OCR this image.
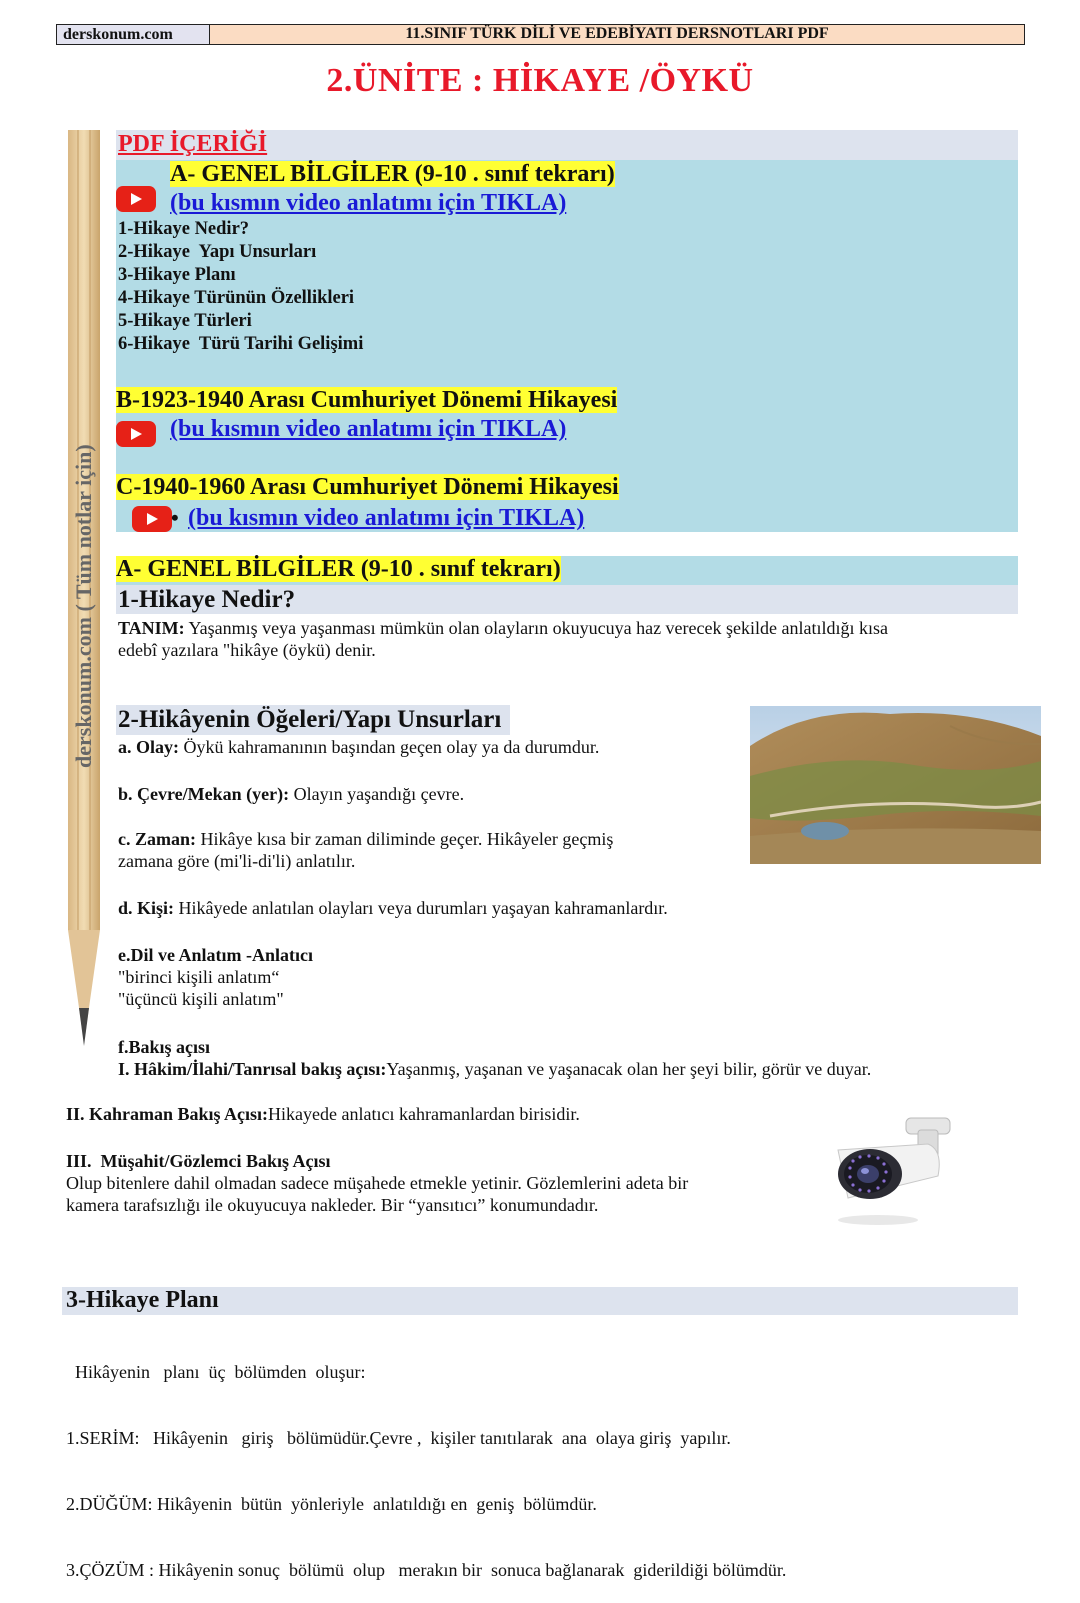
derskonum.com	11.SINIF TÜRK DİLİ VE EDEBİYATI DERSNOTLARI PDF
2.ÜNİTE : HİKAYE /ÖYKÜ
derskonum.com ( Tüm notlar için)
PDF İÇERİĞİ
A- GENEL BİLGİLER (9-10 . sınıf tekrarı)
(bu kısmın video anlatımı için TIKLA)
1-Hikaye Nedir?
2-Hikaye  Yapı Unsurları
3-Hikaye Planı
4-Hikaye Türünün Özellikleri
5-Hikaye Türleri
6-Hikaye  Türü Tarihi Gelişimi
B-1923-1940 Arası Cumhuriyet Dönemi Hikayesi
(bu kısmın video anlatımı için TIKLA)
C-1940-1960 Arası Cumhuriyet Dönemi Hikayesi
• (bu kısmın video anlatımı için TIKLA)
A- GENEL BİLGİLER (9-10 . sınıf tekrarı)
1-Hikaye Nedir?
TANIM: Yaşanmış veya yaşanması mümkün olan olayların okuyucuya haz verecek şekilde anlatıldığı kısa
edebî yazılara "hikâye (öykü) denir.
2-Hikâyenin Öğeleri/Yapı Unsurları
a. Olay: Öykü kahramanının başından geçen olay ya da durumdur.
b. Çevre/Mekan (yer): Olayın yaşandığı çevre.
c. Zaman: Hikâye kısa bir zaman diliminde geçer. Hikâyeler geçmiş
zamana göre (mi'li-di'li) anlatılır.
d. Kişi: Hikâyede anlatılan olayları veya durumları yaşayan kahramanlardır.
e.Dil ve Anlatım -Anlatıcı
"birinci kişili anlatım“
"üçüncü kişili anlatım"
f.Bakış açısı
I. Hâkim/İlahi/Tanrısal bakış açısı:Yaşanmış, yaşanan ve yaşanacak olan her şeyi bilir, görür ve duyar.
II. Kahraman Bakış Açısı:Hikayede anlatıcı kahramanlardan birisidir.
III.  Müşahit/Gözlemci Bakış Açısı
Olup bitenlere dahil olmadan sadece müşahede etmekle yetinir. Gözlemlerini adeta bir
kamera tarafsızlığı ile okuyucuya nakleder. Bir “yansıtıcı” konumundadır.
3-Hikaye Planı

Hikâyenin   planı  üç  bölümden  oluşur:

1.SERİM:   Hikâyenin   giriş   bölümüdür.Çevre ,  kişiler tanıtılarak  ana  olaya giriş  yapılır.

2.DÜĞÜM: Hikâyenin  bütün  yönleriyle  anlatıldığı en  geniş  bölümdür.

3.ÇÖZÜM : Hikâyenin sonuç  bölümü  olup   merakın bir  sonuca bağlanarak  giderildiği bölümdür.
